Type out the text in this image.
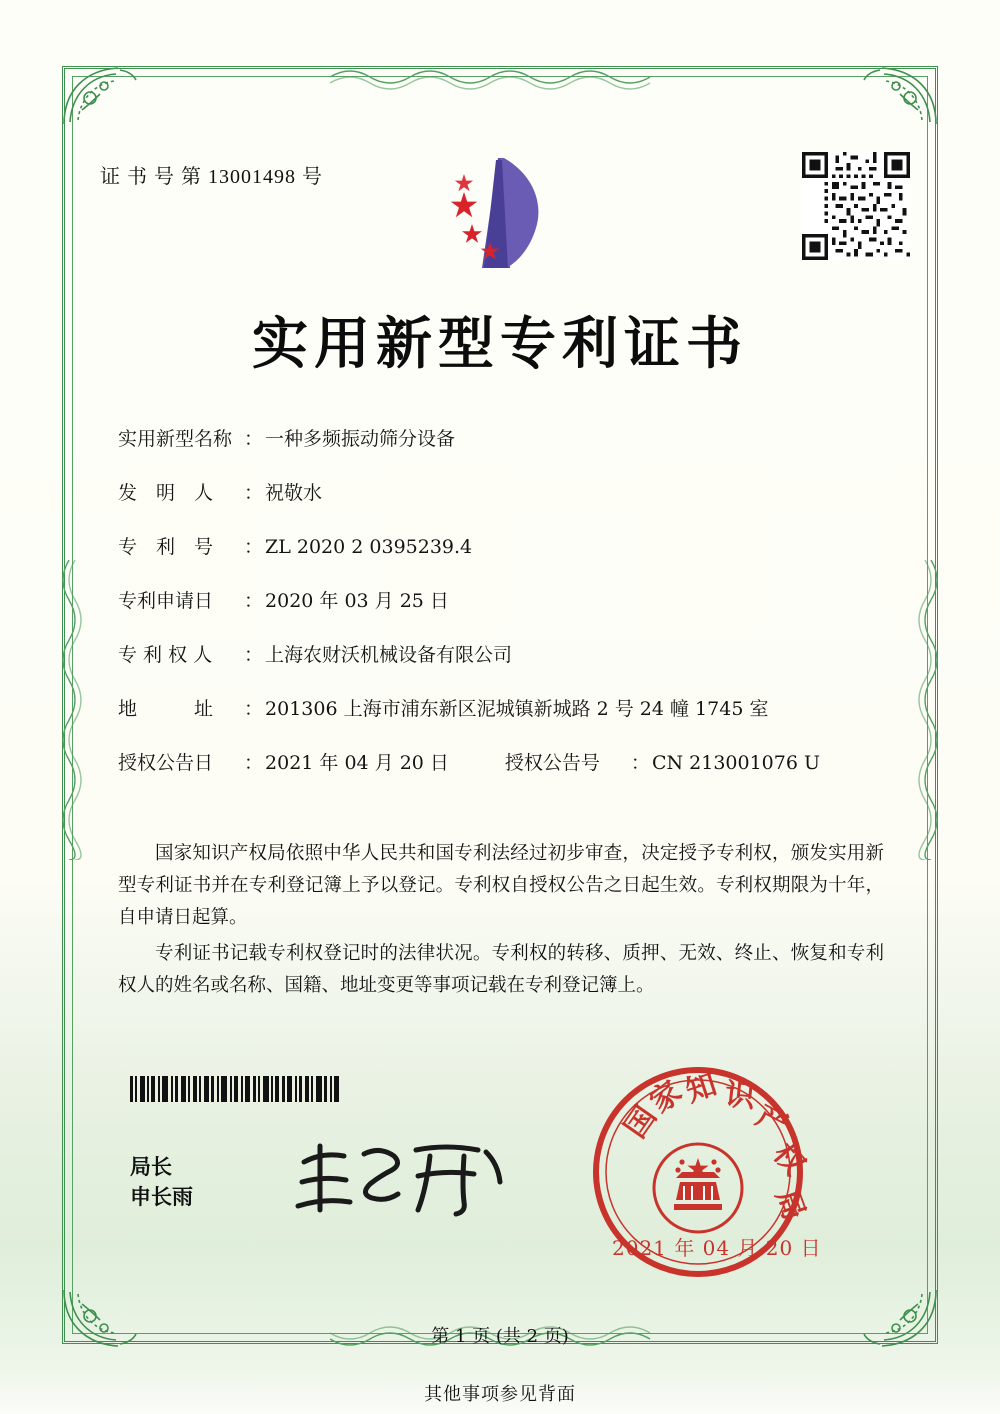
证 书 号 第 13001498 号
实用新型专利证书
实用新型名称 ： 一种多频振动筛分设备
发　明　人	： 祝敬水
专　利　号	： ZL 2020 2 0395239.4
专利申请日	： 2020 年 03 月 25 日
专 利 权 人	： 上海农财沃机械设备有限公司
地　　　址	： 201306 上海市浦东新区泥城镇新城路 2 号 24 幢 1745 室
授权公告日	： 2021 年 04 月 20 日	授权公告号	： CN 213001076 U

国家知识产权局依照中华人民共和国专利法经过初步审查，决定授予专利权，颁发实用新型专利证书并在专利登记簿上予以登记。专利权自授权公告之日起生效。专利权期限为十年，自申请日起算。

专利证书记载专利权登记时的法律状况。专利权的转移、质押、无效、终止、恢复和专利权人的姓名或名称、国籍、地址变更等事项记载在专利登记簿上。

局长
申长雨
国
家
知 识
产
权
局
2021 年 04 月 20 日
第 1 页 (共 2 页)
其他事项参见背面
